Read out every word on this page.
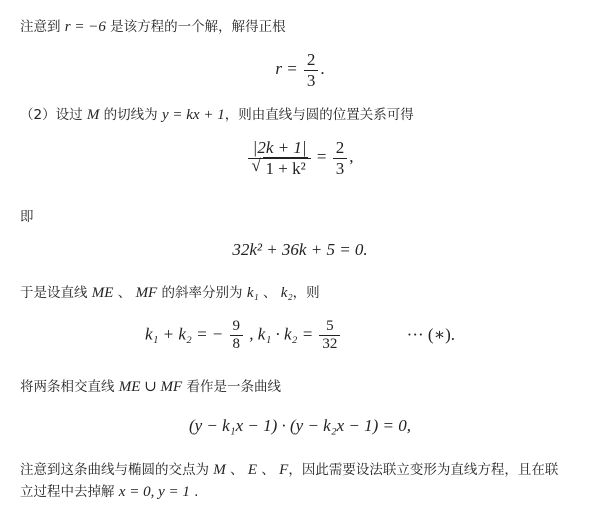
注意到 r = −6 是该方程的一个解，解得正根
$r = \frac{2}{3}$ .
（2）设过 M 的切线为 y = kx + 1，则由直线与圆的位置关系可得
$\frac{|2k + 1|}{\text{√ 1 + k²}} = \frac{2}{3}$ ,
即
32k² + 36k + 5 = 0.
于是设直线 ME 、 MF 的斜率分别为 k₁ 、 k₂，则
k₁ + k₂ = − $\frac{9}{8}$ , $k_1 \cdot k_2 = \frac{5}{32}$	··· (∗).
将两条相交直线 ME ∪ MF 看作是一条曲线
(y − k₁x − 1) · (y − k₂x − 1) = 0,
注意到这条曲线与椭圆的交点为 M 、 E 、 F，因此需要设法联立变形为直线方程，且在联
立过程中去掉解 x = 0, y = 1 .
